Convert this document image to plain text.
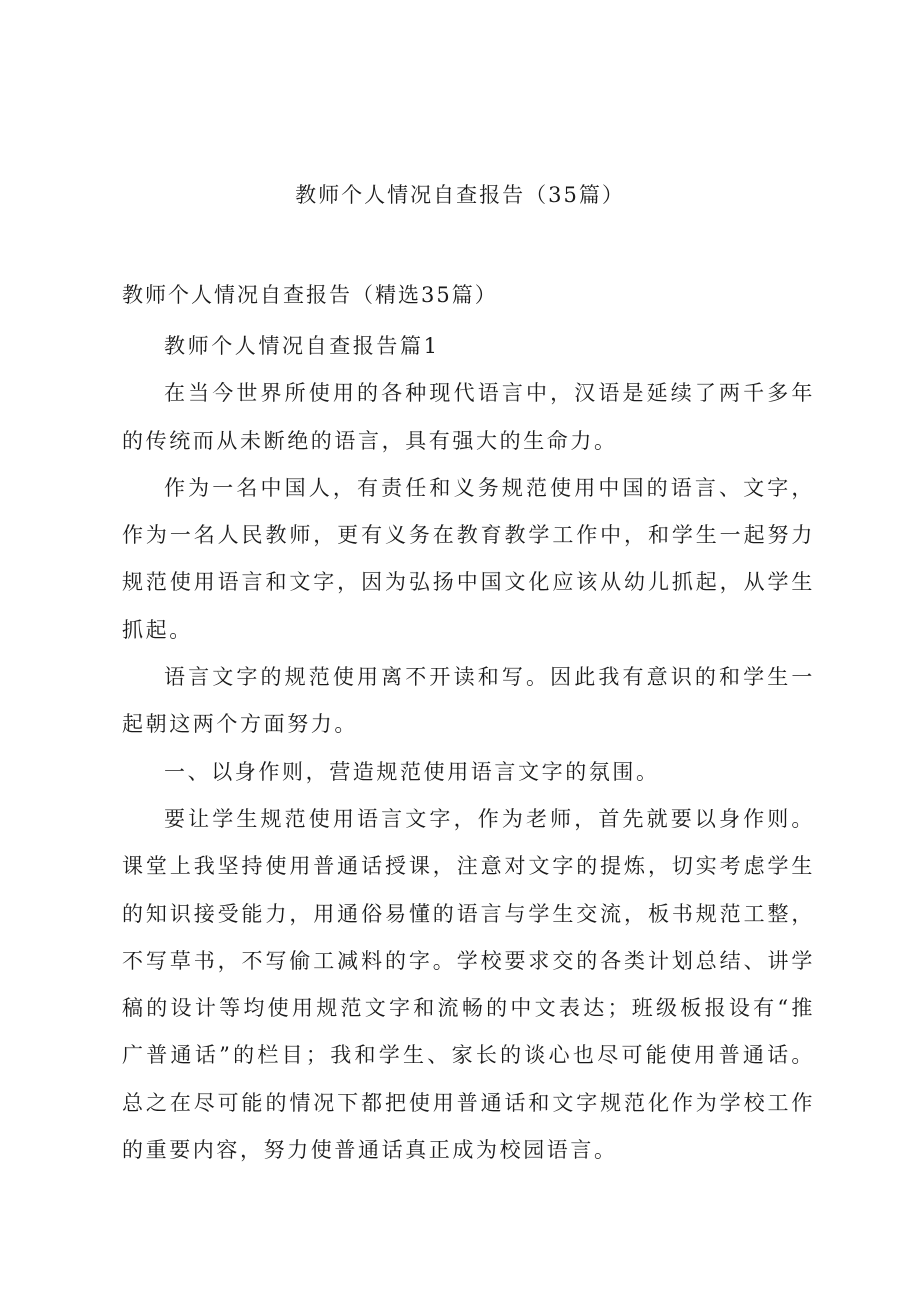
教师个人情况自查报告（35篇）
教师个人情况自查报告（精选35篇）

教师个人情况自查报告篇1

在当今世界所使用的各种现代语言中，汉语是延续了两千多年的传统而从未断绝的语言，具有强大的生命力。

作为一名中国人，有责任和义务规范使用中国的语言、文字，作为一名人民教师，更有义务在教育教学工作中，和学生一起努力规范使用语言和文字，因为弘扬中国文化应该从幼儿抓起，从学生抓起。

语言文字的规范使用离不开读和写。因此我有意识的和学生一起朝这两个方面努力。

一、以身作则，营造规范使用语言文字的氛围。

要让学生规范使用语言文字，作为老师，首先就要以身作则。课堂上我坚持使用普通话授课，注意对文字的提炼，切实考虑学生的知识接受能力，用通俗易懂的语言与学生交流，板书规范工整，不写草书，不写偷工减料的字。学校要求交的各类计划总结、讲学稿的设计等均使用规范文字和流畅的中文表达；班级板报设有“推广普通话”的栏目；我和学生、家长的谈心也尽可能使用普通话。总之在尽可能的情况下都把使用普通话和文字规范化作为学校工作的重要内容，努力使普通话真正成为校园语言。
